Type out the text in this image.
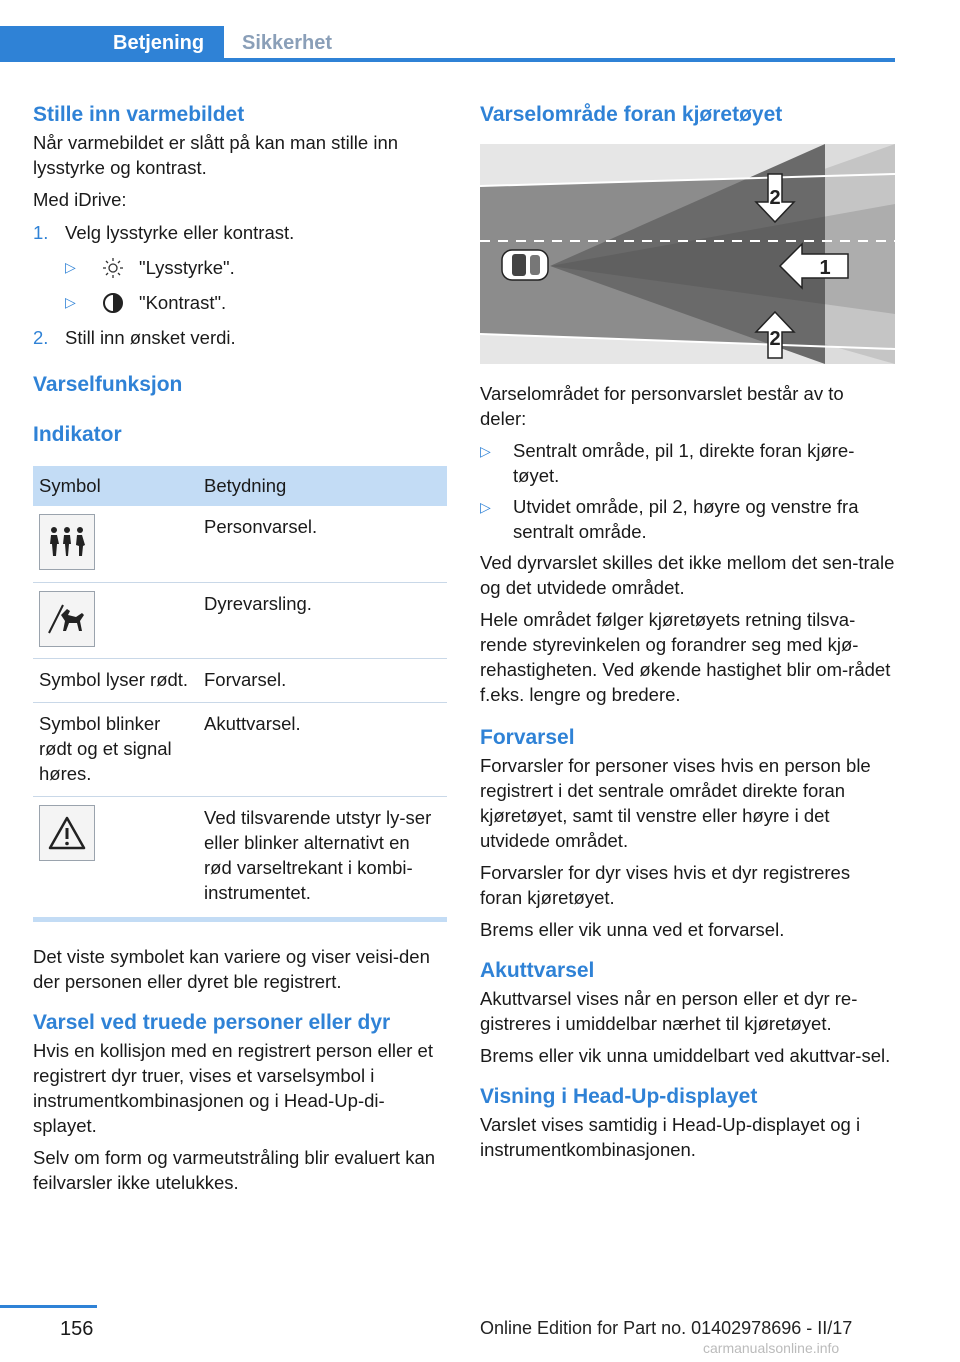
Betjening	Sikkerhet
Stille inn varmebildet

Når varmebildet er slått på kan man stille inn lysstyrke og kontrast.

Med iDrive:

1. Velg lysstyrke eller kontrast.
▷	"Lysstyrke".
▷	"Kontrast".
2. Still inn ønsket verdi.
Varselfunksjon
Indikator
Symbol	Betydning

	Personvarsel.

	Dyrevarsling.
Symbol lyser rødt.	Forvarsel.
Symbol blinker rødt og et signal høres.	Akuttvarsel.

	Ved tilsvarende utstyr ly-ser eller blinker alternativt en rød varseltrekant i kombi-instrumentet.

Det viste symbolet kan variere og viser veisi-den der personen eller dyret ble registrert.

Varsel ved truede personer eller dyr

Hvis en kollisjon med en registrert person eller et registrert dyr truer, vises et varselsymbol i instrumentkombinasjonen og i Head-Up-di-splayet.

Selv om form og varmeutstråling blir evaluert kan feilvarsler ikke utelukkes.

Varselområde foran kjøretøyet
2
1
2

Varselområdet for personvarslet består av to deler:

▷	Sentralt område, pil 1, direkte foran kjøre-tøyet.
▷	Utvidet område, pil 2, høyre og venstre fra sentralt område.

Ved dyrvarslet skilles det ikke mellom det sen-trale og det utvidede området.

Hele området følger kjøretøyets retning tilsva-rende styrevinkelen og forandrer seg med kjø-rehastigheten. Ved økende hastighet blir om-rådet f.eks. lengre og bredere.

Forvarsel

Forvarsler for personer vises hvis en person ble registrert i det sentrale området direkte foran kjøretøyet, samt til venstre eller høyre i det utvidede området.

Forvarsler for dyr vises hvis et dyr registreres foran kjøretøyet.

Brems eller vik unna ved et forvarsel.

Akuttvarsel

Akuttvarsel vises når en person eller et dyr re-gistreres i umiddelbar nærhet til kjøretøyet.

Brems eller vik unna umiddelbart ved akuttvar-sel.

Visning i Head-Up-displayet

Varslet vises samtidig i Head-Up-displayet og i instrumentkombinasjonen.

156	Online Edition for Part no. 01402978696 - II/17
carmanualsonline.info
